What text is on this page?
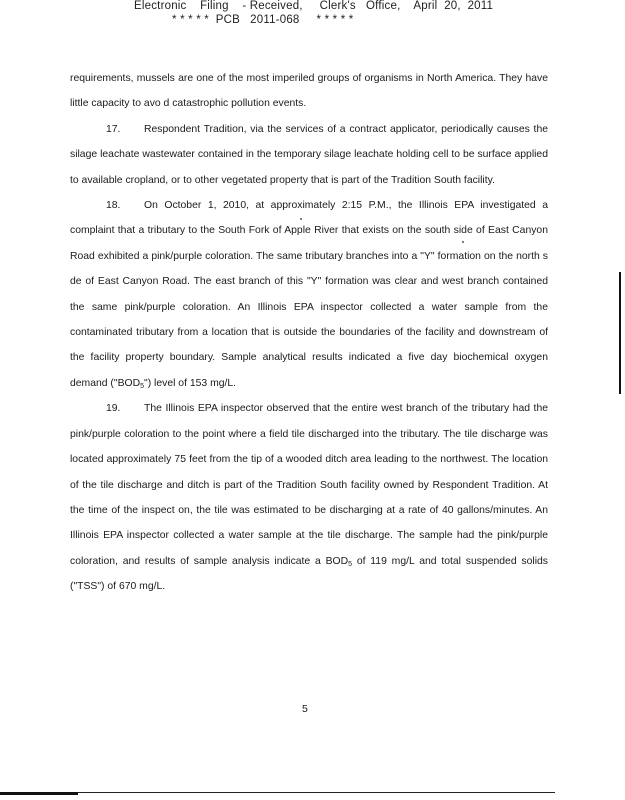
Electronic    Filing    - Received,     Clerk's   Office,    April  20,  2011
* * * * *  PCB   2011-068     * * * * *

requirements, mussels are one of the most imperiled groups of organisms in North America. They have little capacity to avo d catastrophic pollution events.

17. Respondent Tradition, via the services of a contract applicator, periodically causes the silage leachate wastewater contained in the temporary silage leachate holding cell to be surface applied to available cropland, or to other vegetated property that is part of the Tradition South facility.

18. On October 1, 2010, at approximately 2:15 P.M., the Illinois EPA investigated a complaint that a tributary to the South Fork of Apple River that exists on the south side of East Canyon Road exhibited a pink/purple coloration. The same tributary branches into a "Y" formation on the north s de of East Canyon Road. The east branch of this "Y" formation was clear and west branch contained the same pink/purple coloration. An Illinois EPA inspector collected a water sample from the contaminated tributary from a location that is outside the boundaries of the facility and downstream of the facility property boundary. Sample analytical results indicated a five day biochemical oxygen demand $("BOD_5")$ level of 153 mg/L.

19. The Illinois EPA inspector observed that the entire west branch of the tributary had the pink/purple coloration to the point where a field tile discharged into the tributary. The tile discharge was located approximately 75 feet from the tip of a wooded ditch area leading to the northwest. The location of the tile discharge and ditch is part of the Tradition South facility owned by Respondent Tradition. At the time of the inspect on, the tile was estimated to be discharging at a rate of 40 gallons/minutes. An Illinois EPA inspector collected a water sample at the tile discharge. The sample had the pink/purple coloration, and results of sample analysis indicate a $BOD_5$ of 119 mg/L and total suspended solids ("TSS") of 670 mg/L.

5
